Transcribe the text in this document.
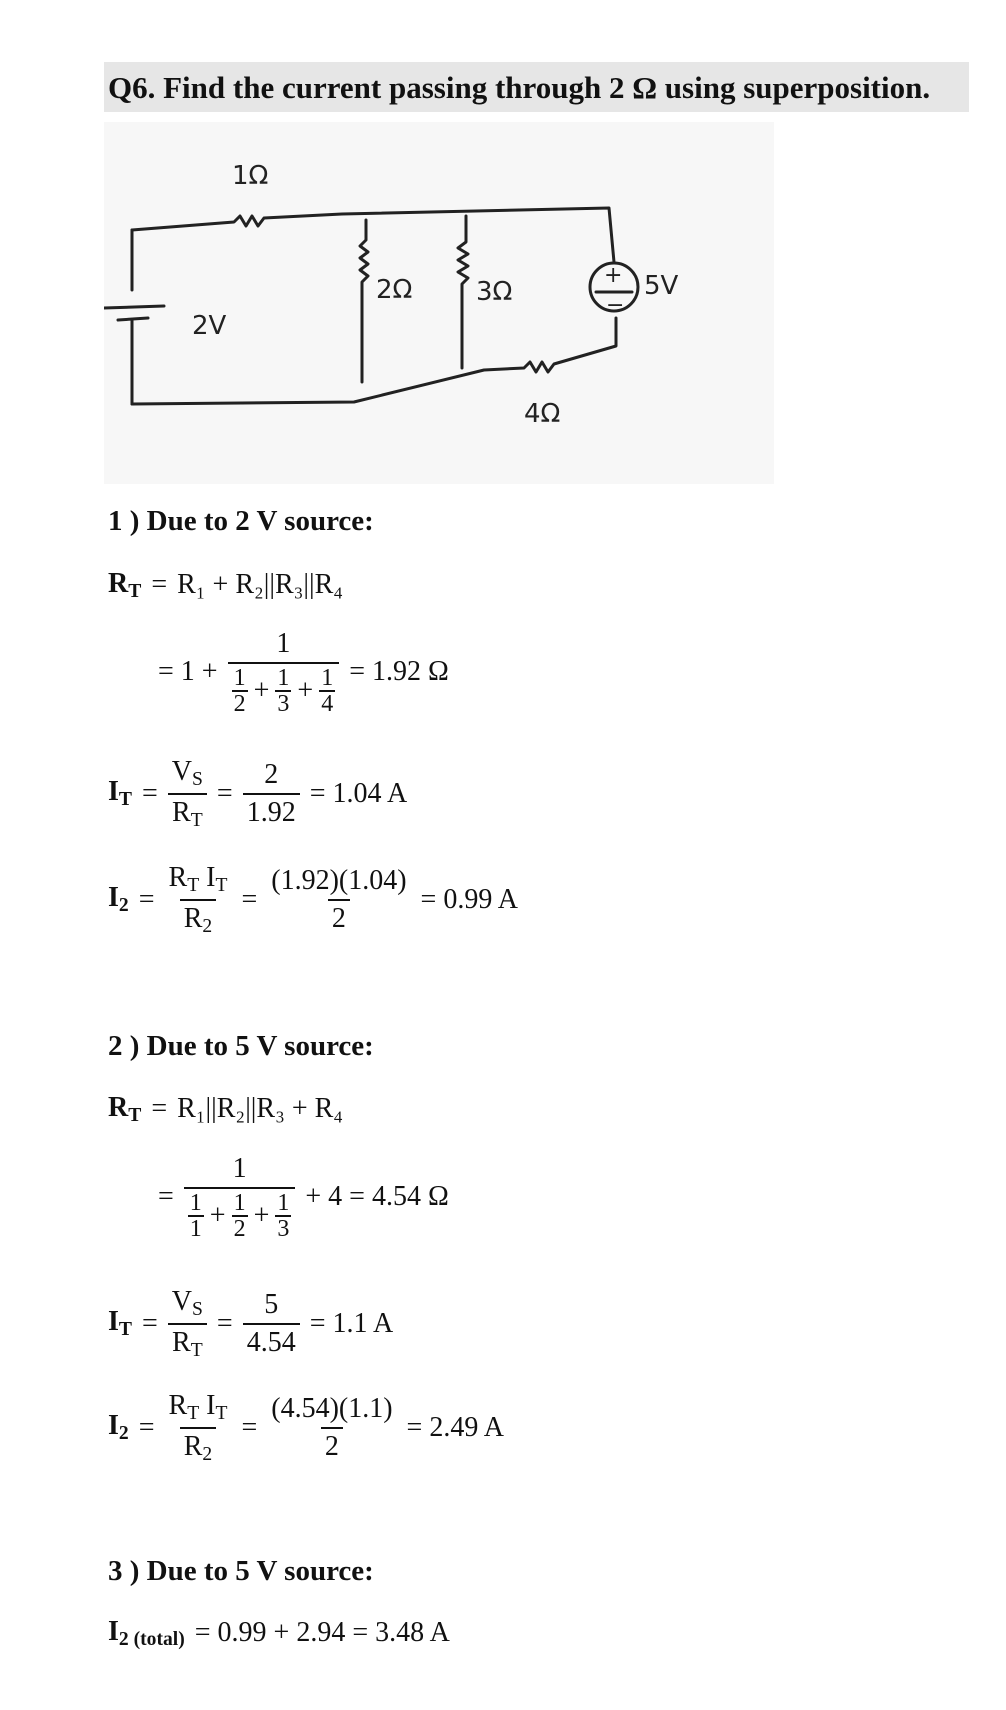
Q6. Find the current passing through 2 Ω using superposition.
1Ω
2Ω 3Ω
4Ω
2V
5V
+
−
1 ) Due to 2 V source:
$R_T = R_1 + R_2||R_3||R_4$
= 1 + 1
1
$2 + \frac{1}{3} + \frac{1}{4} = 1.92$ Ω
$I_T = \frac{V_S}{R_T} = \frac{2}{1.92} = 1.04$ A
$I_2 = \frac{R_T I_T}{R_2} = \frac{(1.92)(1.04)}{2} = 0.99$ A
2 ) Due to 5 V source:
$R_T = R_1||R_2||R_3 + R_4$
= 1
1
$1 + \frac{1}{2} + \frac{1}{3} + 4 = 4.54$ Ω
$I_T = \frac{V_S}{R_T} = \frac{5}{4.54} = 1.1$ A
$I_2 = \frac{R_T I_T}{R_2} = \frac{(4.54)(1.1)}{2} = 2.49$ A
3 ) Due to 5 V source:
$I_{2 (total)} = 0.99 + 2.94 = 3.48$ A
